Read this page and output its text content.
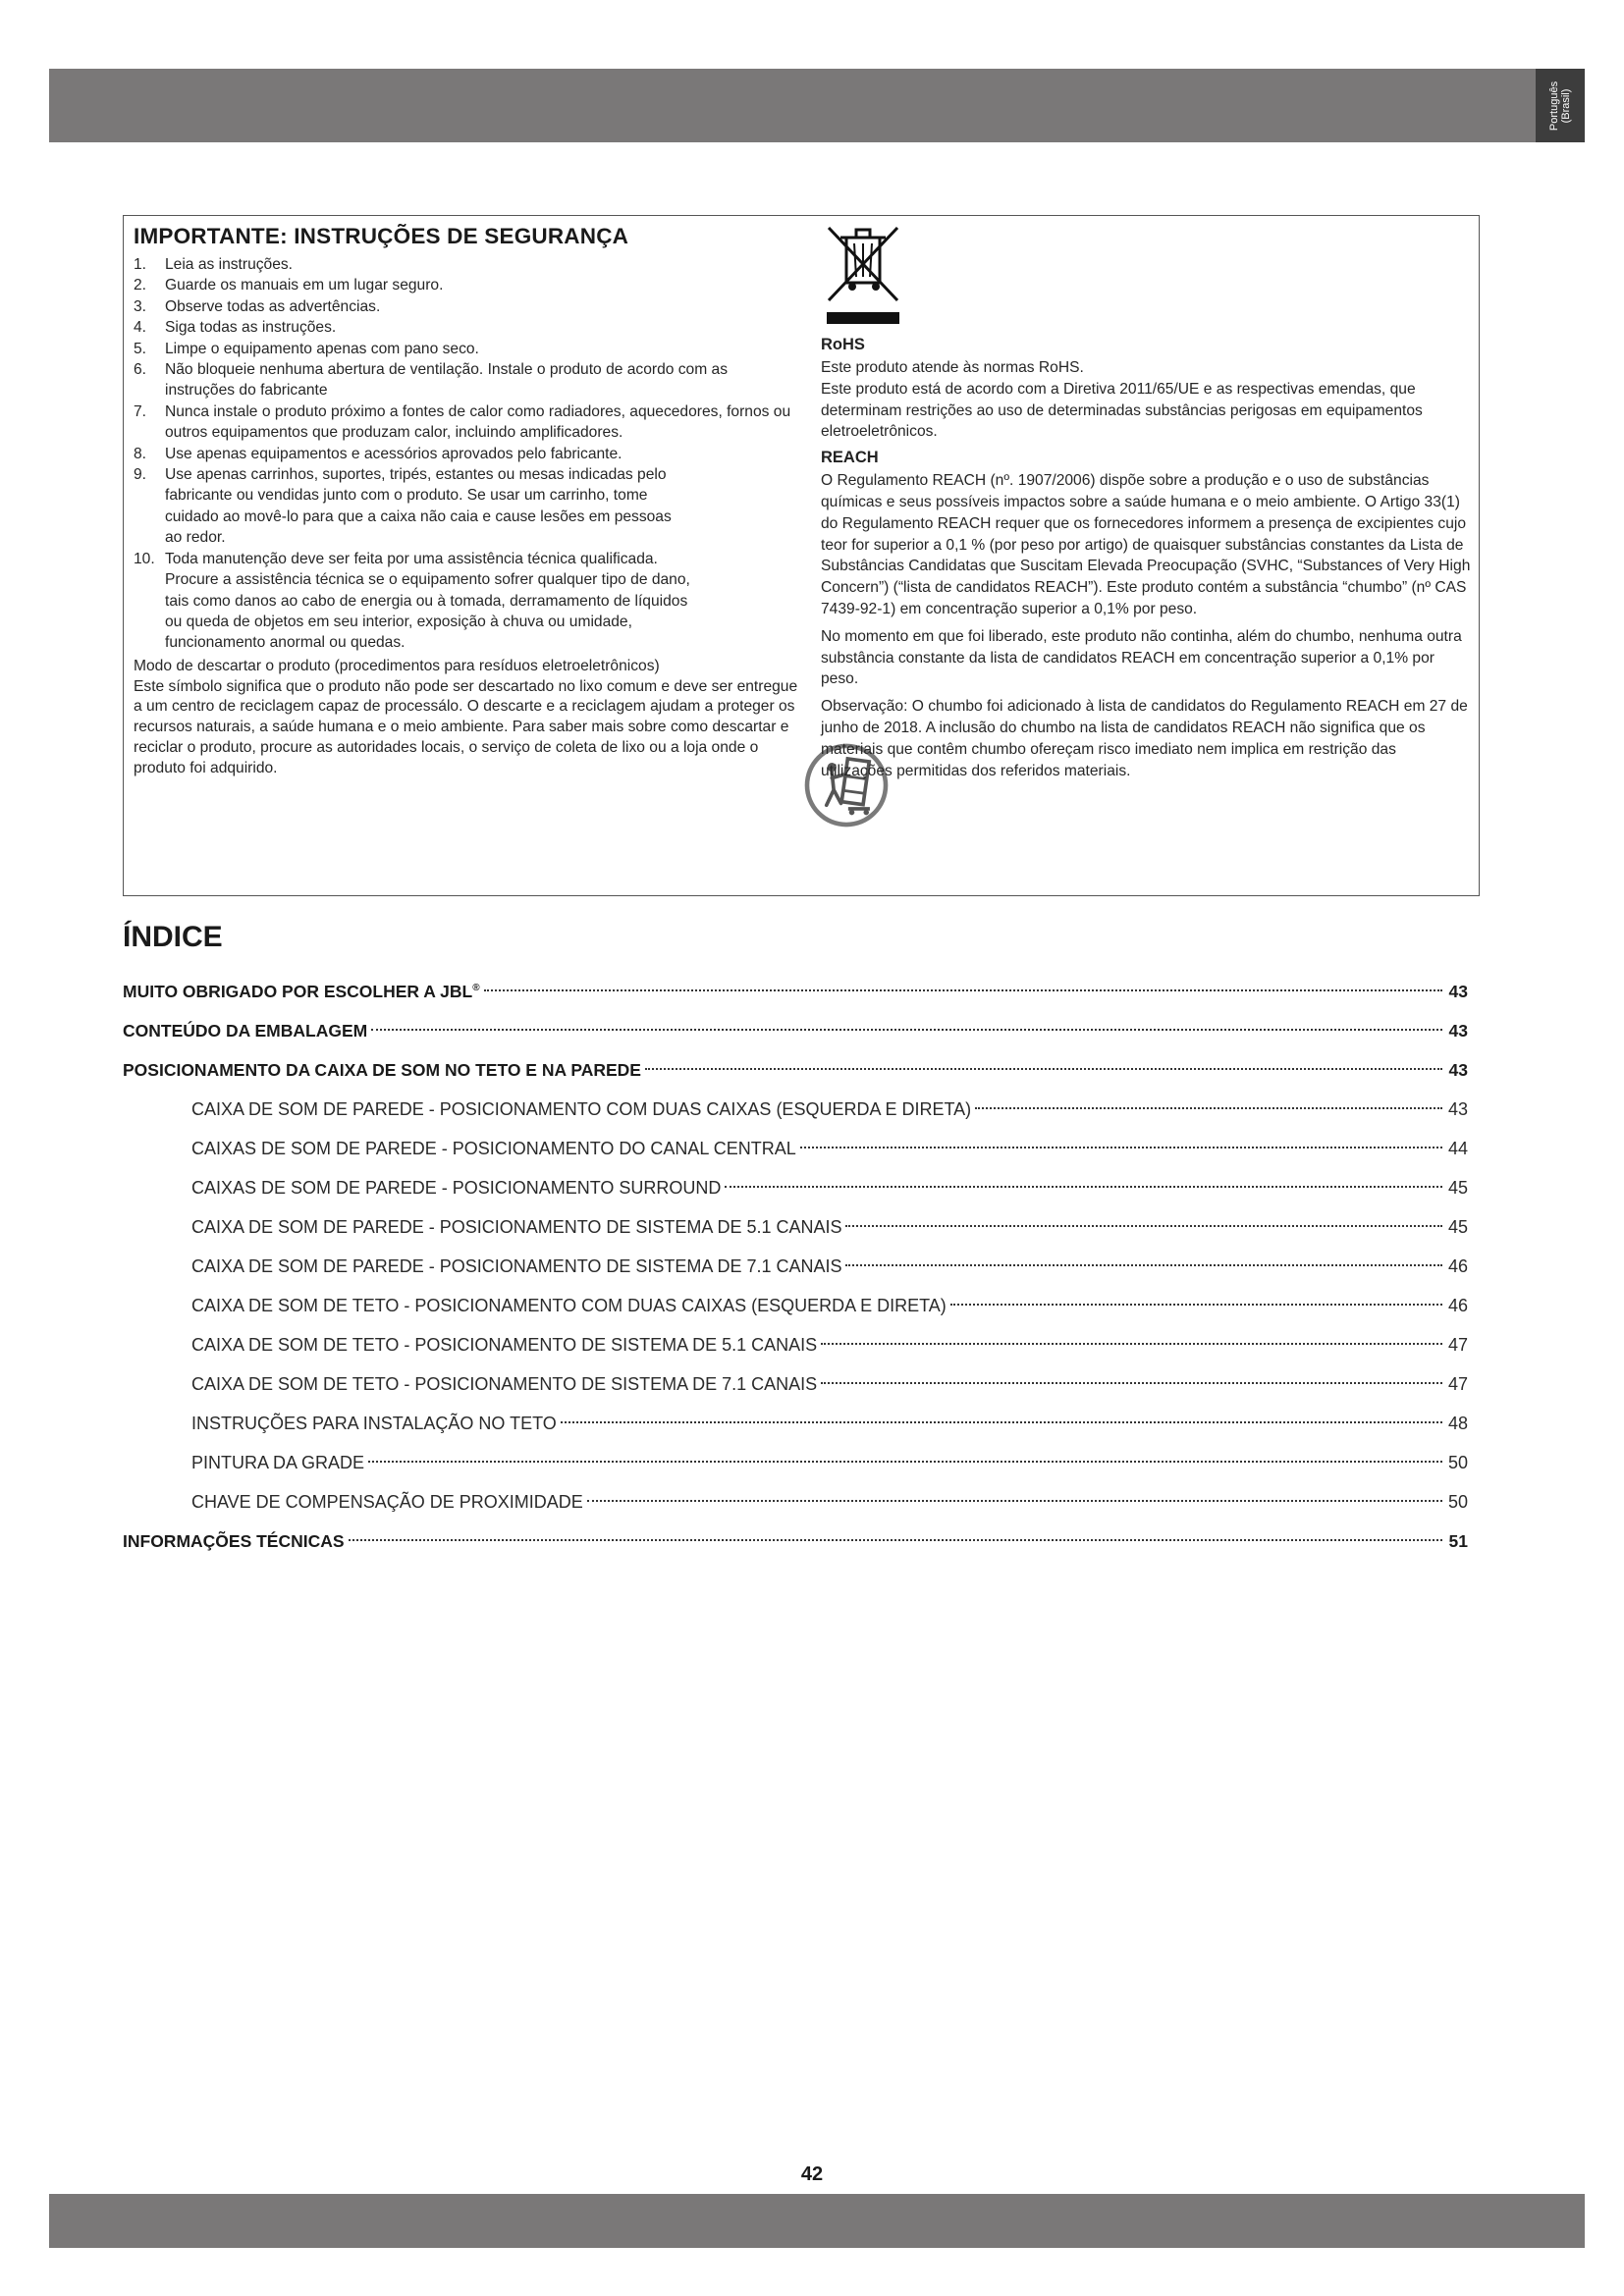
Português (Brasil)
IMPORTANTE: INSTRUÇÕES DE SEGURANÇA
1. Leia as instruções.
2. Guarde os manuais em um lugar seguro.
3. Observe todas as advertências.
4. Siga todas as instruções.
5. Limpe o equipamento apenas com pano seco.
6. Não bloqueie nenhuma abertura de ventilação. Instale o produto de acordo com as instruções do fabricante
7. Nunca instale o produto próximo a fontes de calor como radiadores, aquecedores, fornos ou outros equipamentos que produzam calor, incluindo amplificadores.
8. Use apenas equipamentos e acessórios aprovados pelo fabricante.
9. Use apenas carrinhos, suportes, tripés, estantes ou mesas indicadas pelo fabricante ou vendidas junto com o produto. Se usar um carrinho, tome cuidado ao movê-lo para que a caixa não caia e cause lesões em pessoas ao redor.
10. Toda manutenção deve ser feita por uma assistência técnica qualificada. Procure a assistência técnica se o equipamento sofrer qualquer tipo de dano, tais como danos ao cabo de energia ou à tomada, derramamento de líquidos ou queda de objetos em seu interior, exposição à chuva ou umidade, funcionamento anormal ou quedas.

Modo de descartar o produto (procedimentos para resíduos eletroeletrônicos)

Este símbolo significa que o produto não pode ser descartado no lixo comum e deve ser entregue a um centro de reciclagem capaz de processálo. O descarte e a reciclagem ajudam a proteger os recursos naturais, a saúde humana e o meio ambiente. Para saber mais sobre como descartar e reciclar o produto, procure as autoridades locais, o serviço de coleta de lixo ou a loja onde o produto foi adquirido.

RoHS

Este produto atende às normas RoHS.

Este produto está de acordo com a Diretiva 2011/65/UE e as respectivas emendas, que determinam restrições ao uso de determinadas substâncias perigosas em equipamentos eletroeletrônicos.

REACH

O Regulamento REACH (nº. 1907/2006) dispõe sobre a produção e o uso de substâncias químicas e seus possíveis impactos sobre a saúde humana e o meio ambiente. O Artigo 33(1) do Regulamento REACH requer que os fornecedores informem a presença de excipientes cujo teor for superior a 0,1 % (por peso por artigo) de quaisquer substâncias constantes da Lista de Substâncias Candidatas que Suscitam Elevada Preocupação (SVHC, “Substances of Very High Concern”) (“lista de candidatos REACH”). Este produto contém a substância “chumbo” (nº CAS 7439-92-1) em concentração superior a 0,1% por peso.

No momento em que foi liberado, este produto não continha, além do chumbo, nenhuma outra substância constante da lista de candidatos REACH em concentração superior a 0,1% por peso.

Observação: O chumbo foi adicionado à lista de candidatos do Regulamento REACH em 27 de junho de 2018. A inclusão do chumbo na lista de candidatos REACH não significa que os materiais que contêm chumbo ofereçam risco imediato nem implica em restrição das utilizações permitidas dos referidos materiais.

ÍNDICE
MUITO OBRIGADO POR ESCOLHER A JBL®	43
CONTEÚDO DA EMBALAGEM	43
POSICIONAMENTO DA CAIXA DE SOM NO TETO E NA PAREDE	43
CAIXA DE SOM DE PAREDE - POSICIONAMENTO COM DUAS CAIXAS (ESQUERDA E DIRETA)	43
CAIXAS DE SOM DE PAREDE - POSICIONAMENTO DO CANAL CENTRAL	44
CAIXAS DE SOM DE PAREDE - POSICIONAMENTO SURROUND	45
CAIXA DE SOM DE PAREDE - POSICIONAMENTO DE SISTEMA DE 5.1 CANAIS	45
CAIXA DE SOM DE PAREDE - POSICIONAMENTO DE SISTEMA DE 7.1 CANAIS	46
CAIXA DE SOM DE TETO - POSICIONAMENTO COM DUAS CAIXAS (ESQUERDA E DIRETA)	46
CAIXA DE SOM DE TETO - POSICIONAMENTO DE SISTEMA DE 5.1 CANAIS	47
CAIXA DE SOM DE TETO - POSICIONAMENTO DE SISTEMA DE 7.1 CANAIS	47
INSTRUÇÕES PARA INSTALAÇÃO NO TETO	48
PINTURA DA GRADE	50
CHAVE DE COMPENSAÇÃO DE PROXIMIDADE	50
INFORMAÇÕES TÉCNICAS	51
42
